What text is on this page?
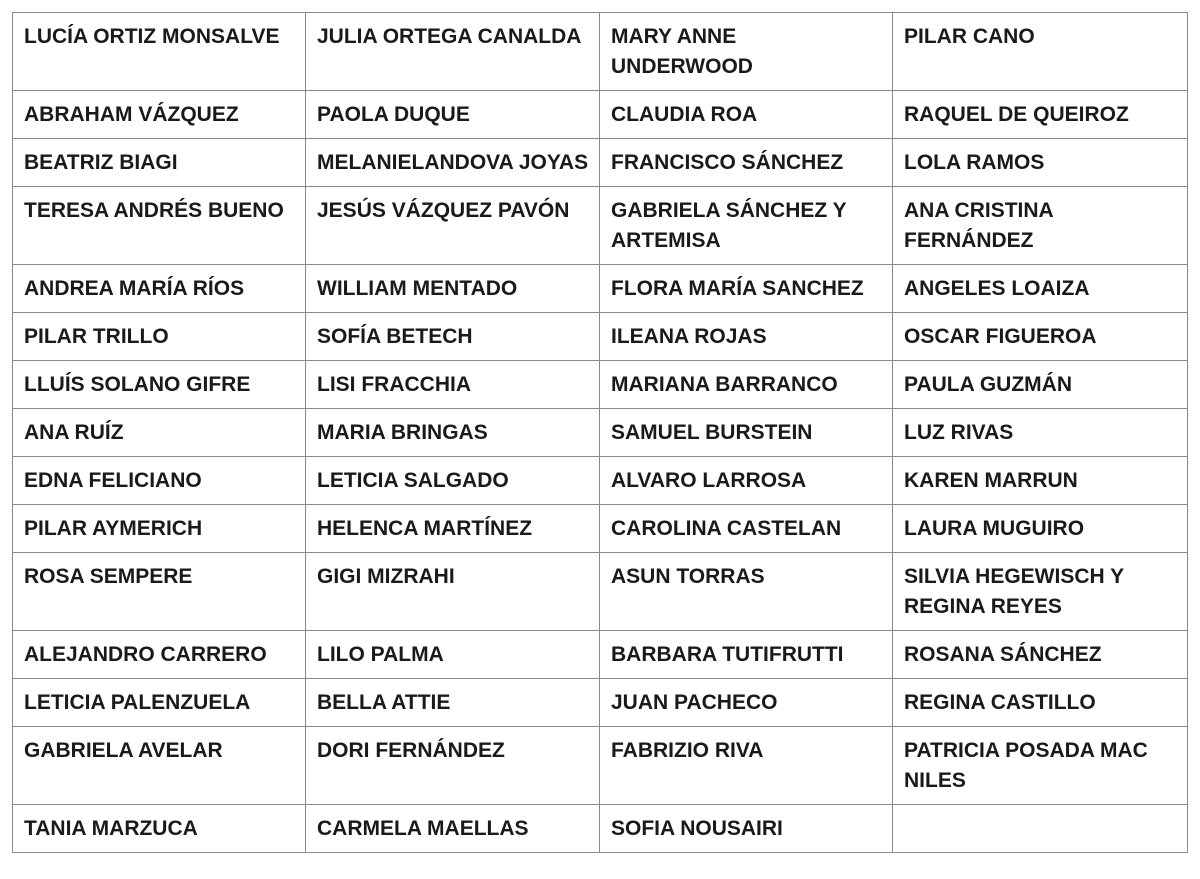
LUCÍA ORTIZ MONSALVE	JULIA ORTEGA CANALDA	MARY ANNE UNDERWOOD	PILAR CANO
ABRAHAM VÁZQUEZ	PAOLA DUQUE	CLAUDIA ROA	RAQUEL DE QUEIROZ
BEATRIZ BIAGI	MELANIELANDOVA JOYAS	FRANCISCO SÁNCHEZ	LOLA RAMOS
TERESA ANDRÉS BUENO	JESÚS VÁZQUEZ PAVÓN	GABRIELA SÁNCHEZ Y ARTEMISA	ANA CRISTINA FERNÁNDEZ
ANDREA MARÍA RÍOS	WILLIAM MENTADO	FLORA MARÍA SANCHEZ	ANGELES LOAIZA
PILAR TRILLO	SOFÍA BETECH	ILEANA ROJAS	OSCAR FIGUEROA
LLUÍS SOLANO GIFRE	LISI FRACCHIA	MARIANA BARRANCO	PAULA GUZMÁN
ANA RUÍZ	MARIA BRINGAS	SAMUEL BURSTEIN	LUZ RIVAS
EDNA FELICIANO	LETICIA SALGADO	ALVARO LARROSA	KAREN MARRUN
PILAR AYMERICH	HELENCA MARTÍNEZ	CAROLINA CASTELAN	LAURA MUGUIRO
ROSA SEMPERE	GIGI MIZRAHI	ASUN TORRAS	SILVIA HEGEWISCH Y REGINA REYES
ALEJANDRO CARRERO	LILO PALMA	BARBARA TUTIFRUTTI	ROSANA SÁNCHEZ
LETICIA PALENZUELA	BELLA ATTIE	JUAN PACHECO	REGINA CASTILLO
GABRIELA AVELAR	DORI FERNÁNDEZ	FABRIZIO RIVA	PATRICIA POSADA MAC NILES
TANIA MARZUCA	CARMELA MAELLAS	SOFIA NOUSAIRI	
